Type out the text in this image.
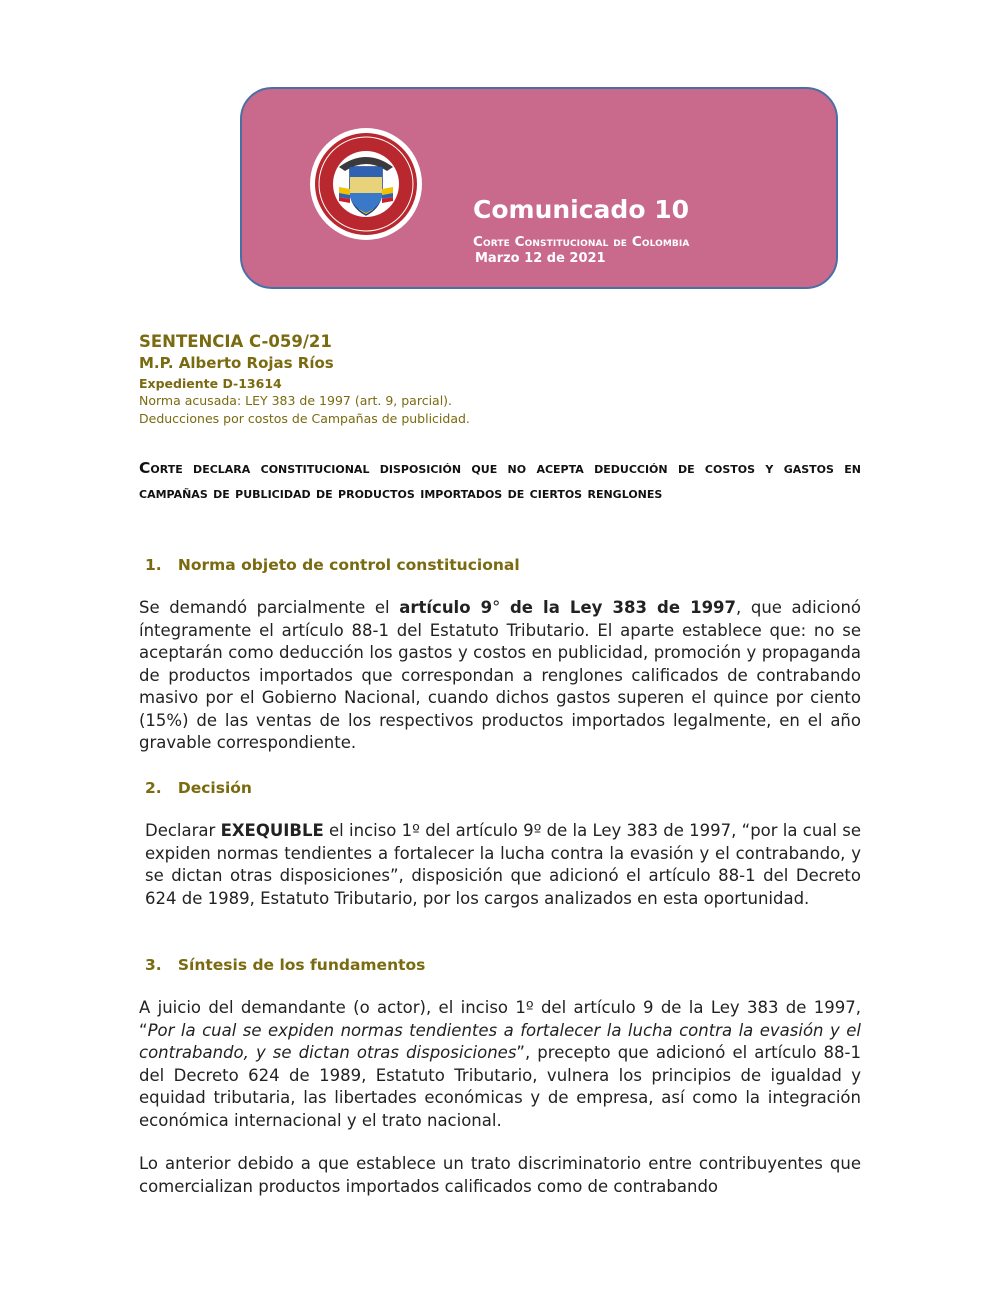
Comunicado 10
Corte Constitucional de Colombia
Marzo 12 de 2021
SENTENCIA C-059/21
M.P. Alberto Rojas Ríos
Expediente D-13614
Norma acusada: LEY 383 de 1997 (art. 9, parcial).
Deducciones por costos de Campañas de publicidad.
Corte declara constitucional disposición que no acepta deducción de costos y gastos en campañas de publicidad de productos importados de ciertos renglones
1.   Norma objeto de control constitucional
Se demandó parcialmente el artículo 9° de la Ley 383 de 1997, que adicionó íntegramente el artículo 88-1 del Estatuto Tributario. El aparte establece que: no se aceptarán como deducción los gastos y costos en publicidad, promoción y propaganda de productos importados que correspondan a renglones calificados de contrabando masivo por el Gobierno Nacional, cuando dichos gastos superen el quince por ciento (15%) de las ventas de los respectivos productos importados legalmente, en el año gravable correspondiente.
2.   Decisión
Declarar EXEQUIBLE el inciso 1º del artículo 9º de la Ley 383 de 1997, “por la cual se expiden normas tendientes a fortalecer la lucha contra la evasión y el contrabando, y se dictan otras disposiciones”, disposición que adicionó el artículo 88-1 del Decreto 624 de 1989, Estatuto Tributario, por los cargos analizados en esta oportunidad.
3.   Síntesis de los fundamentos
A juicio del demandante (o actor), el inciso 1º del artículo 9 de la Ley 383 de 1997, “Por la cual se expiden normas tendientes a fortalecer la lucha contra la evasión y el contrabando, y se dictan otras disposiciones”, precepto que adicionó el artículo 88-1 del Decreto 624 de 1989, Estatuto Tributario, vulnera los principios de igualdad y equidad tributaria, las libertades económicas y de empresa, así como la integración económica internacional y el trato nacional.
Lo anterior debido a que establece un trato discriminatorio entre contribuyentes que comercializan productos importados calificados como de contrabando
